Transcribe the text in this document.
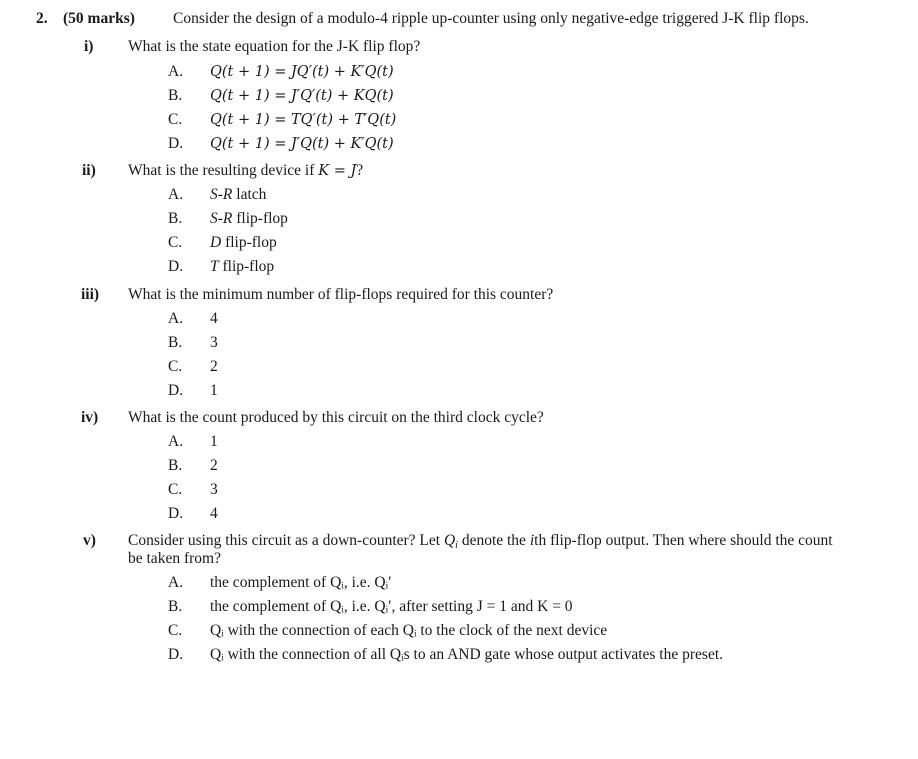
2. (50 marks) Consider the design of a modulo-4 ripple up-counter using only negative-edge triggered J-K flip flops.
i) What is the state equation for the J-K flip flop?
A. Q(t + 1) = JQ′(t) + K′Q(t)
B. Q(t + 1) = J′Q′(t) + KQ(t)
C. Q(t + 1) = TQ′(t) + T′Q(t)
D. Q(t + 1) = J′Q(t) + K′Q(t)
ii) What is the resulting device if K = J?
A. S-R latch
B. S-R flip-flop
C. D flip-flop
D. T flip-flop
iii) What is the minimum number of flip-flops required for this counter?
A. 4
B. 3
C. 2
D. 1
iv) What is the count produced by this circuit on the third clock cycle?
A. 1
B. 2
C. 3
D. 4
v) Consider using this circuit as a down-counter? Let $Q_i$ denote the ith flip-flop output. Then where should the count
be taken from?
A. the complement of Qᵢ, i.e. Qᵢ′
B. the complement of Qᵢ, i.e. Qᵢ′, after setting J = 1 and K = 0
C. Qᵢ with the connection of each Qᵢ to the clock of the next device
D. Qᵢ with the connection of all Qᵢs to an AND gate whose output activates the preset.
